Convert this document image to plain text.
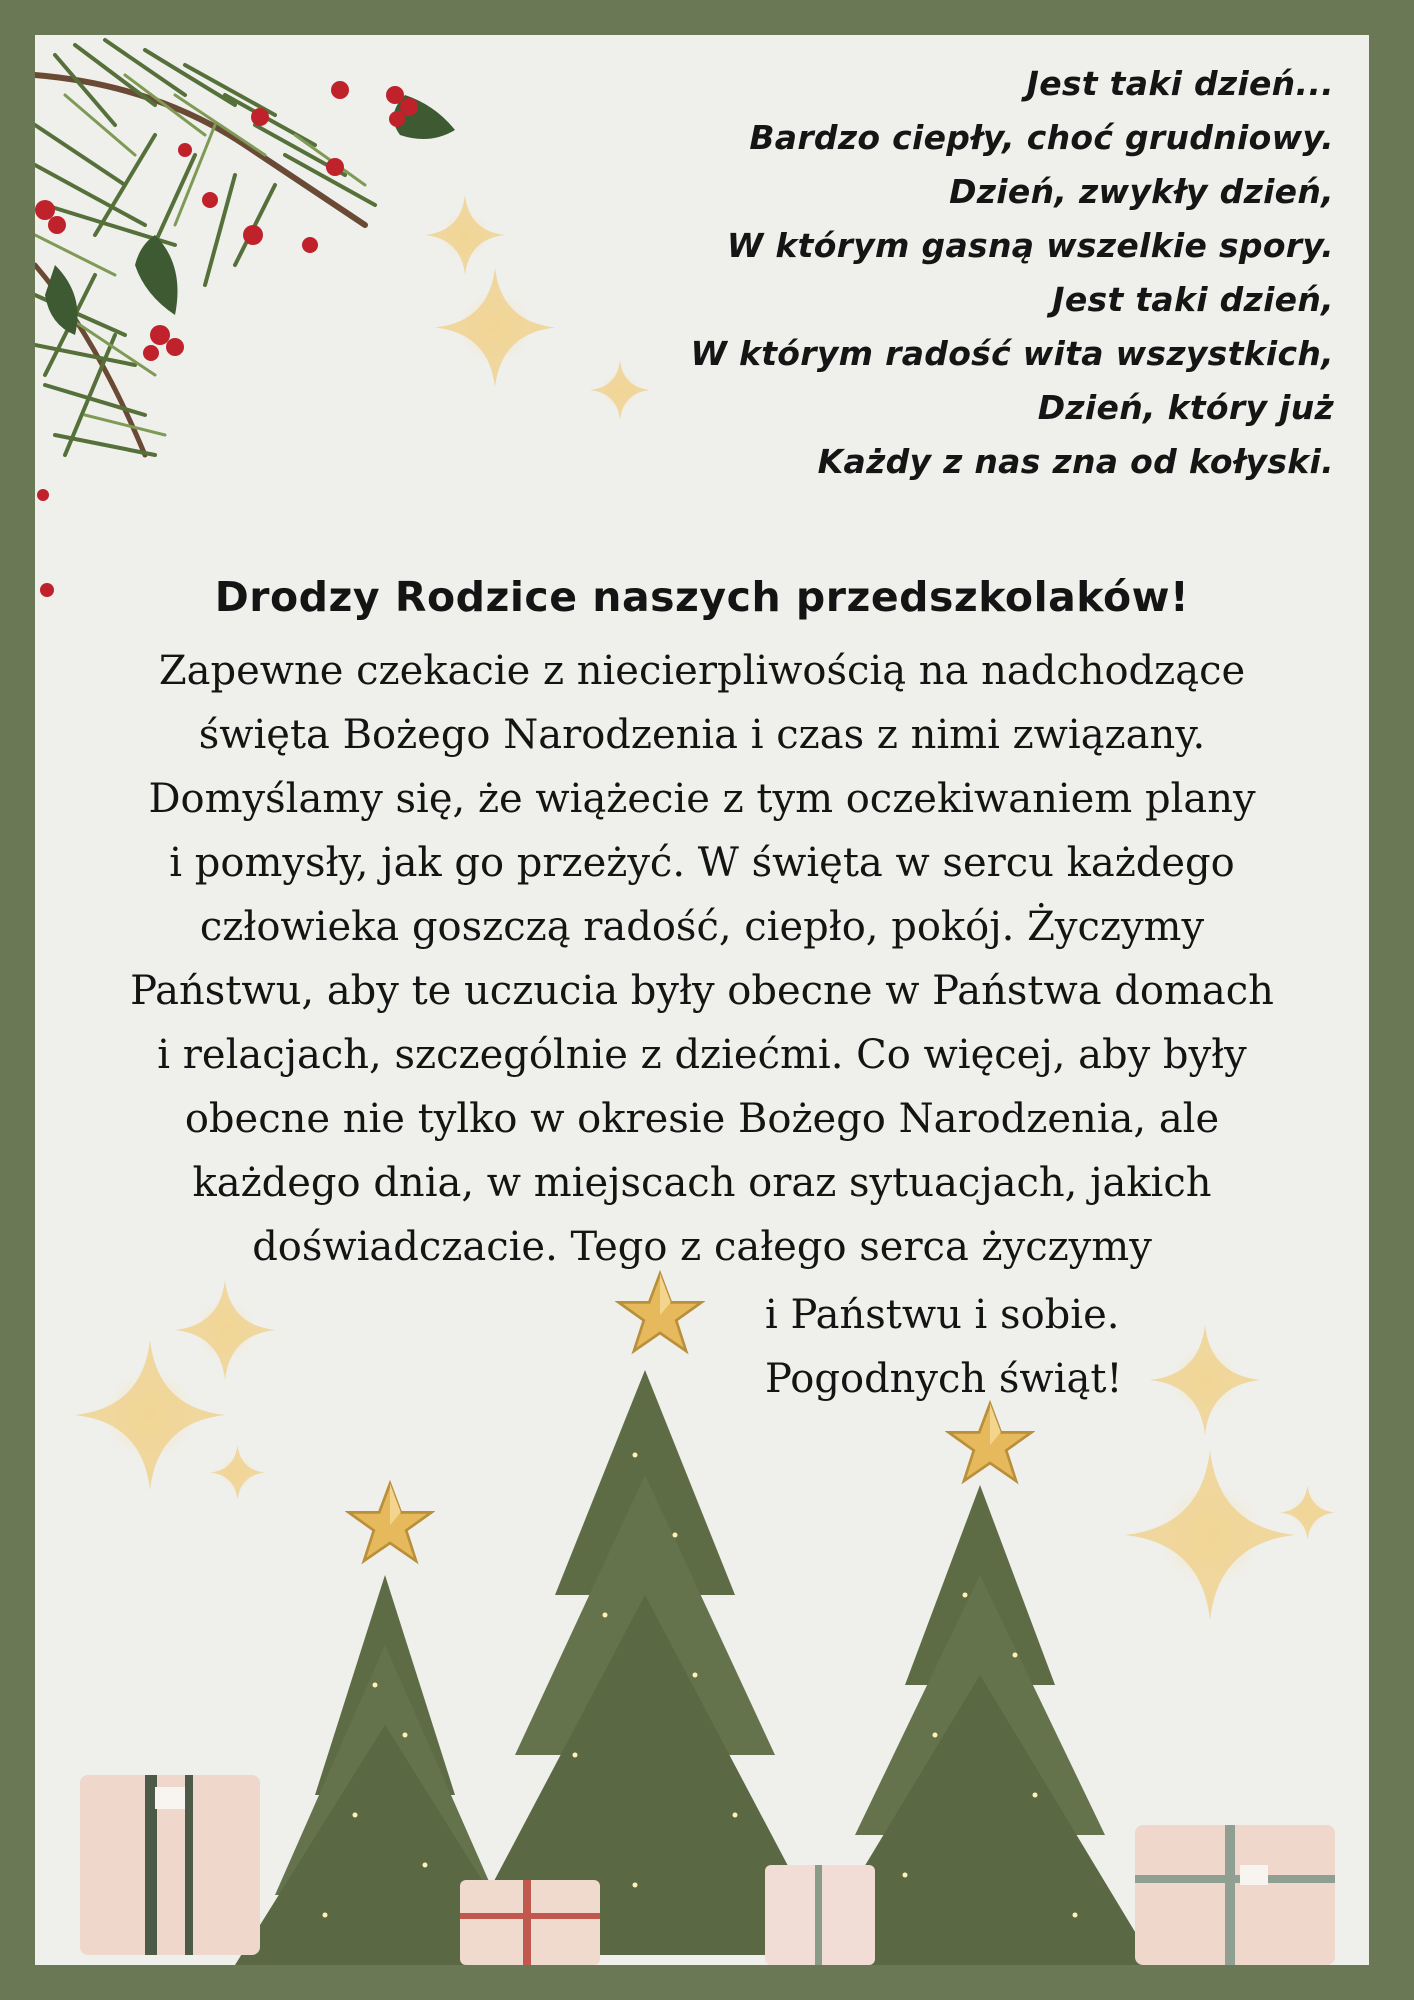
Jest taki dzień...
Bardzo ciepły, choć grudniowy.
Dzień, zwykły dzień,
W którym gasną wszelkie spory.
Jest taki dzień,
W którym radość wita wszystkich,
Dzień, który już
Każdy z nas zna od kołyski.
Drodzy Rodzice naszych przedszkolaków!
Zapewne czekacie z niecierpliwością na nadchodzące
święta Bożego Narodzenia i czas z nimi związany.
Domyślamy się, że wiążecie z tym oczekiwaniem plany
i pomysły, jak go przeżyć. W święta w sercu każdego
człowieka goszczą radość, ciepło, pokój. Życzymy
Państwu, aby te uczucia były obecne w Państwa domach
i relacjach, szczególnie z dziećmi. Co więcej, aby były
obecne nie tylko w okresie Bożego Narodzenia, ale
każdego dnia, w miejscach oraz sytuacjach, jakich
doświadczacie. Tego z całego serca życzymy
i Państwu i sobie.
Pogodnych świąt!
